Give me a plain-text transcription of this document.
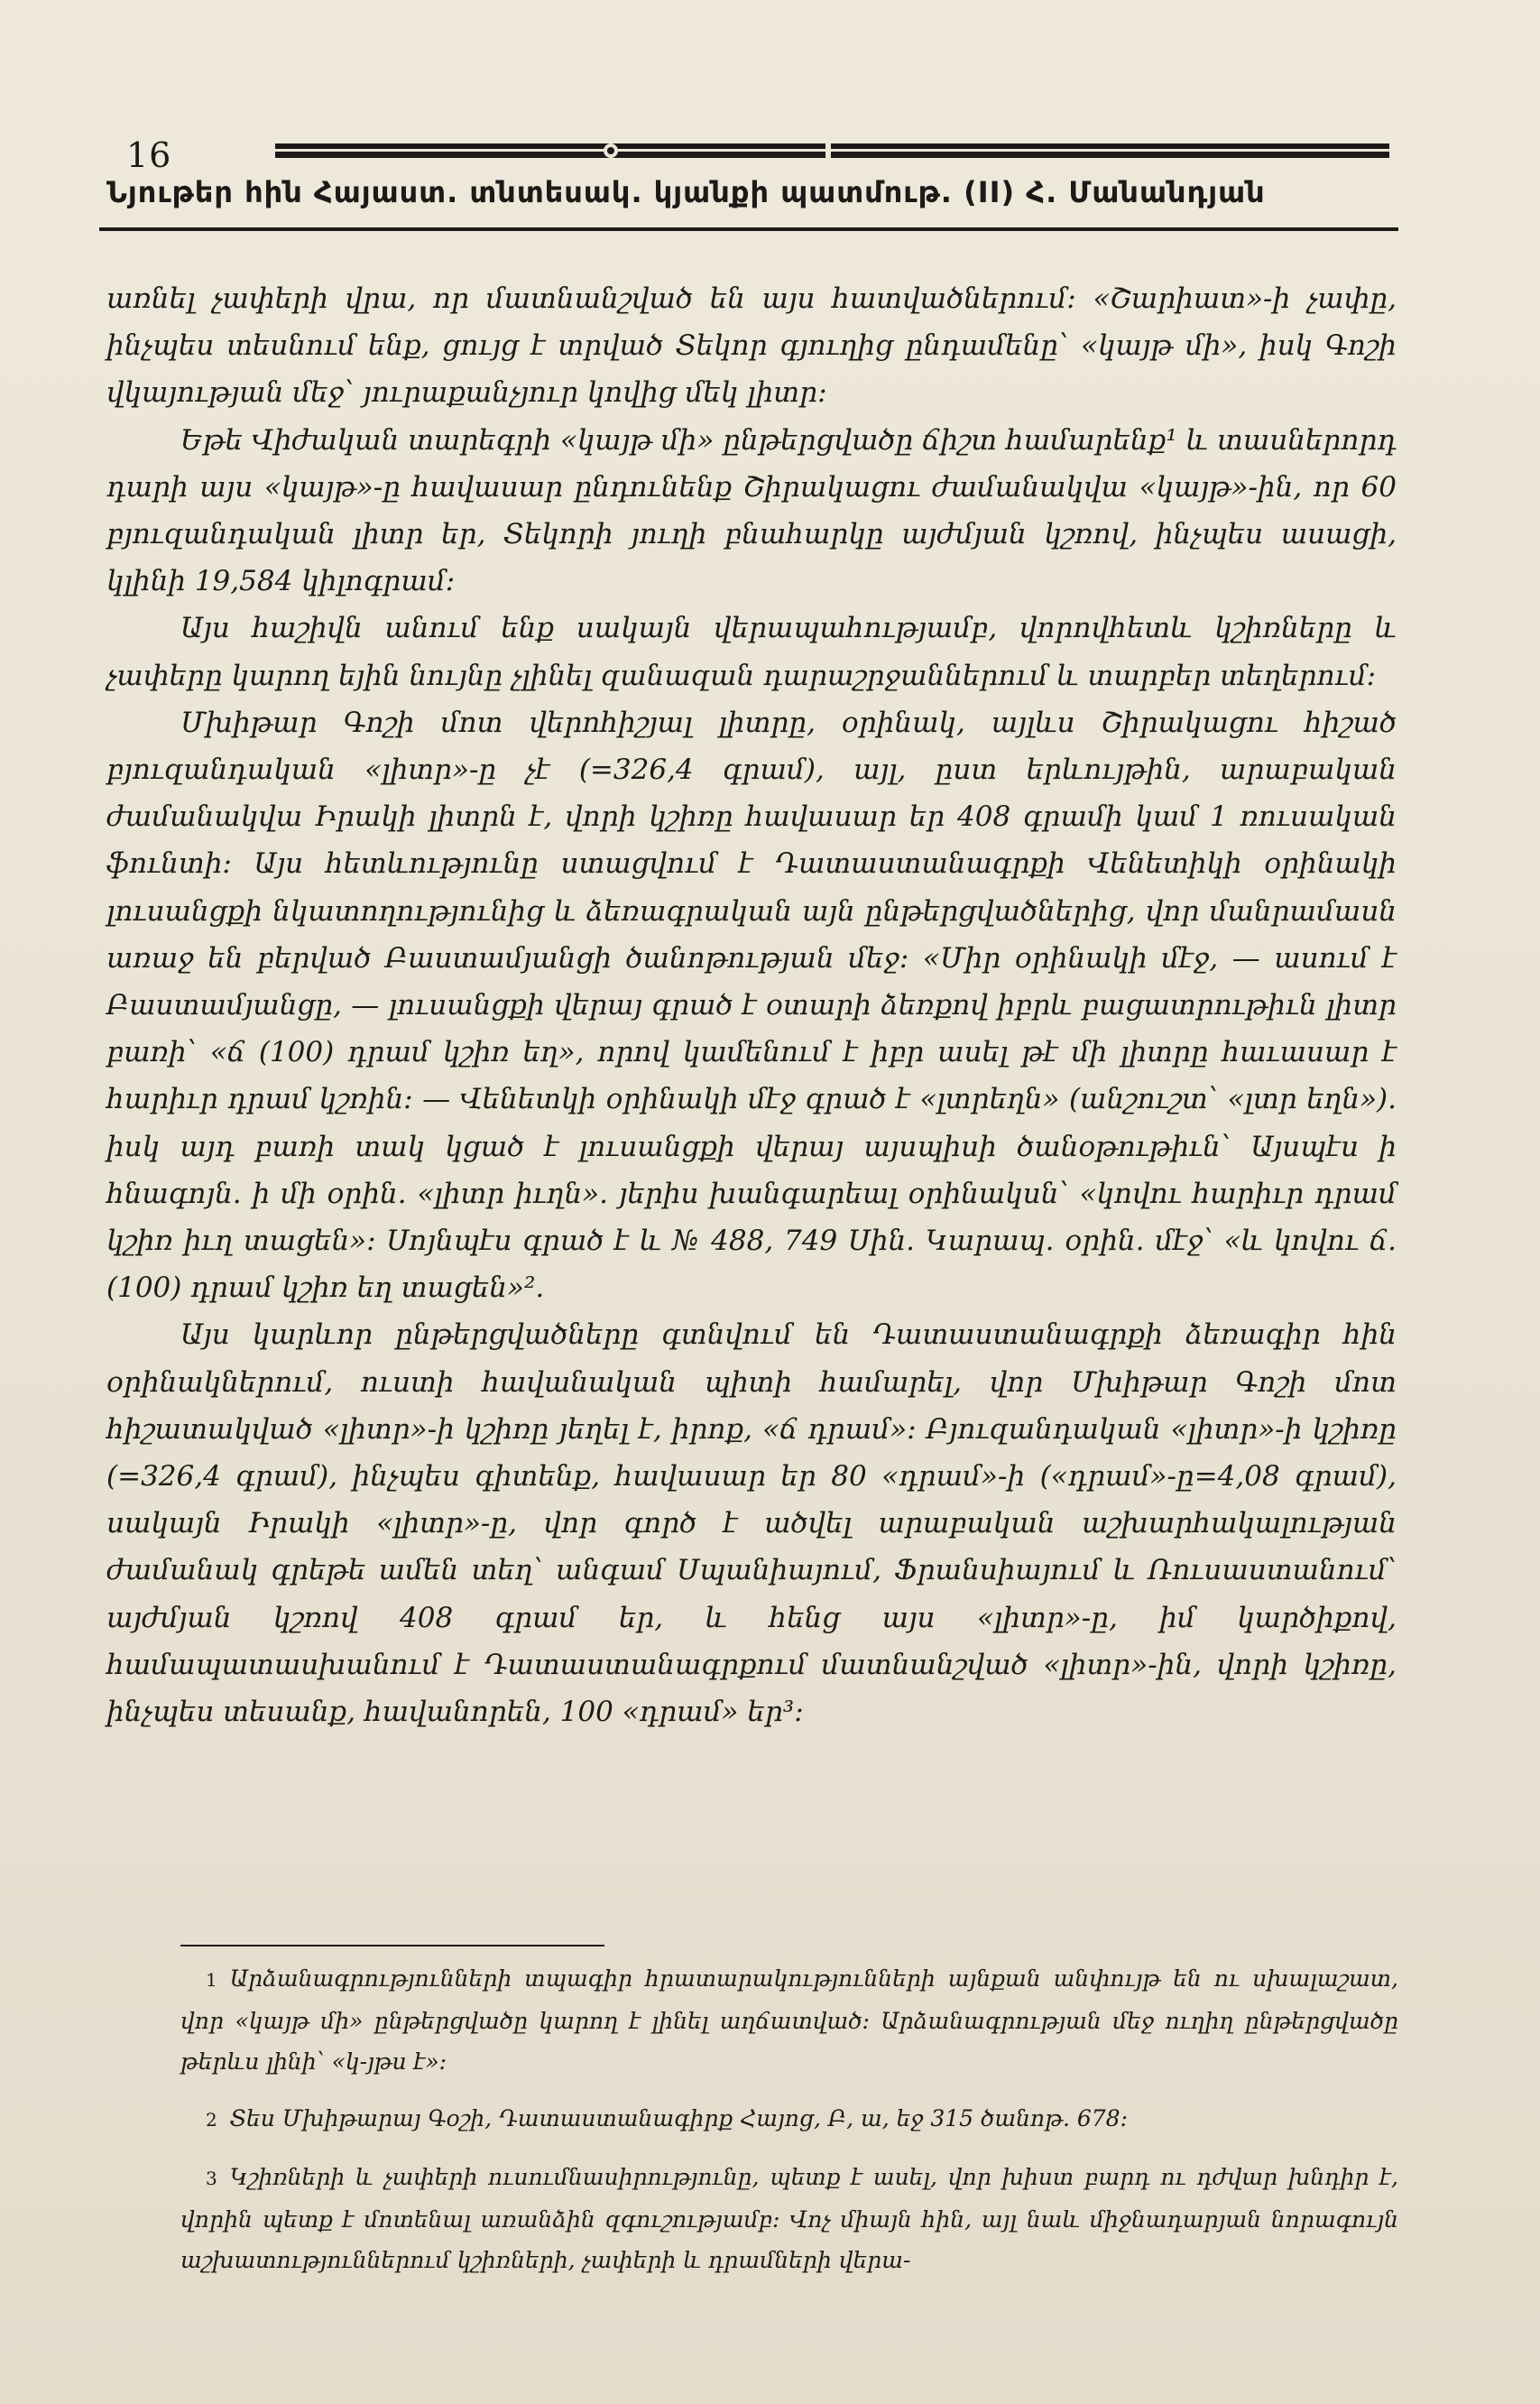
16
Նյութեր հին Հայաստ. տնտեսակ. կյանքի պատմութ. (II) Հ. Մանանդյան

առնել չափերի վրա, որ մատնանշված են այս հատվածներում: «Շարիատ»-ի չափը, ինչպես տեսնում ենք, ցույց է տրված Տեկոր գյուղից ընդամենը՝ «կայթ մի», իսկ Գոշի վկայության մեջ՝ յուրաքանչյուր կովից մեկ լիտր:

Եթե Վիժական տարեգրի «կայթ մի» ընթերցվածը ճիշտ համարենք¹ և տասներորդ դարի այս «կայթ»-ը հավասար ընդունենք Շիրակացու ժամանակվա «կայթ»-ին, որ 60 բյուզանդական լիտր եր, Տեկորի յուղի բնահարկը այժմյան կշռով, ինչպես ասացի, կլինի 19,584 կիլոգրամ:

Այս հաշիվն անում ենք սակայն վերապահությամբ, վորովհետև կշիռները և չափերը կարող եյին նույնը չլինել զանազան դարաշրջաններում և տարբեր տեղերում:

Մխիթար Գոշի մոտ վերոհիշյալ լիտրը, օրինակ, այլևս Շիրակացու հիշած բյուզանդական «լիտր»-ը չէ (=326,4 գրամ), այլ, ըստ երևույթին, արաբական ժամանակվա Իրակի լիտրն է, վորի կշիռը հավասար եր 408 գրամի կամ 1 ռուսական ֆունտի: Այս հետևությունը ստացվում է Դատաստանագրքի Վենետիկի օրինակի լուսանցքի նկատողությունից և ձեռագրական այն ընթերցվածներից, վոր մանրամասն առաջ են բերված Բաստամյանցի ծանոթության մեջ: «Միր օրինակի մէջ, — ասում է Բաստամյանցը, — լուսանցքի վերայ գրած է օտարի ձեռքով իբրև բացատրութիւն լիտր բառի՝ «ճ (100) դրամ կշիռ եղ», որով կամենում է իբր ասել թէ մի լիտրը հաւասար է հարիւր դրամ կշռին: — Վենետկի օրինակի մէջ գրած է «լտրեղն» (անշուշտ՝ «լտր եղն»). իսկ այդ բառի տակ կցած է լուսանցքի վերայ այսպիսի ծանօթութիւն՝ Այսպէս ի հնագոյն. ի մի օրին. «լիտր իւղն». յերիս խանգարեալ օրինակսն՝ «կովու հարիւր դրամ կշիռ իւղ տացեն»: Սոյնպէս գրած է և № 488, 749 Սին. Կարապ. օրին. մէջ՝ «և կովու ճ. (100) դրամ կշիռ եղ տացեն»².

Այս կարևոր ընթերցվածները գտնվում են Դատաստանագրքի ձեռագիր հին օրինակներում, ուստի հավանական պիտի համարել, վոր Մխիթար Գոշի մոտ հիշատակված «լիտր»-ի կշիռը յեղել է, իրոք, «ճ դրամ»: Բյուզանդական «լիտր»-ի կշիռը (=326,4 գրամ), ինչպես գիտենք, հավասար եր 80 «դրամ»-ի («դրամ»-ը=4,08 գրամ), սակայն Իրակի «լիտր»-ը, վոր գործ է ածվել արաբական աշխարհակալության ժամանակ գրեթե ամեն տեղ՝ անգամ Սպանիայում, Ֆրանսիայում և Ռուսաստանում՝ այժմյան կշռով 408 գրամ եր, և հենց այս «լիտր»-ը, իմ կարծիքով, համապատասխանում է Դատաստանագրքում մատնանշված «լիտր»-ին, վորի կշիռը, ինչպես տեսանք, հավանորեն, 100 «դրամ» եր³:

1 Արձանագրությունների տպագիր հրատարակությունների այնքան անփույթ են ու սխալաշատ, վոր «կայթ մի» ընթերցվածը կարող է լինել աղճատված: Արձանագրության մեջ ուղիղ ընթերցվածը թերևս լինի՝ «կ-յթս է»:

2 Տես Մխիթարայ Գօշի, Դատաստանագիրք Հայոց, Բ, ա, եջ 315 ծանոթ. 678:

3 Կշիռների և չափերի ուսումնասիրությունը, պետք է ասել, վոր խիստ բարդ ու դժվար խնդիր է, վորին պետք է մոտենալ առանձին զգուշությամբ: Վոչ միայն հին, այլ նաև միջնադարյան նորագույն աշխատություններում կշիռների, չափերի և դրամների վերա-
